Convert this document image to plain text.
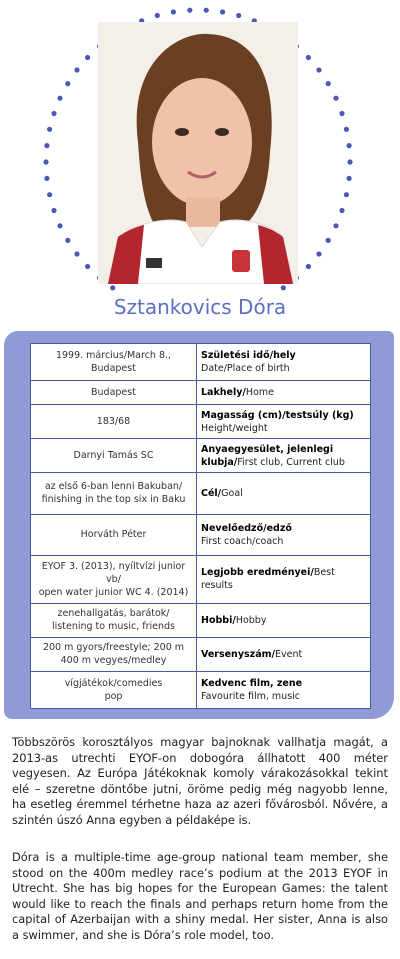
Sztankovics Dóra
1999. március/March 8.,
Budapest	Születési idő/hely
Date/Place of birth
Budapest	Lakhely/Home
183/68	Magasság (cm)/testsúly (kg)
Height/weight
Darnyi Tamás SC	Anyaegyesület, jelenlegi klubja/First club, Current club
az első 6-ban lenni Bakuban/
finishing in the top six in Baku	Cél/Goal
Horváth Péter	Nevelőedző/edző
First coach/coach
EYOF 3. (2013), nyíltvízi junior vb/
open water junior WC 4. (2014)	Legjobb eredményei/Best results
zenehallgatás, barátok/
listening to music, friends	Hobbi/Hobby
200 m gyors/freestyle; 200 m
400 m vegyes/medley	Versenyszám/Event
vígjátékok/comedies
pop	Kedvenc film, zene
Favourite film, music
Többszörös korosztályos magyar bajnoknak vallhatja magát, a 2013-as utrechti EYOF-on dobogóra állhatott 400 méter vegyesen. Az Európa Játékoknak komoly várakozásokkal tekint elé – szeretne döntőbe jutni, öröme pedig még nagyobb lenne, ha esetleg éremmel térhetne haza az azeri fővárosból. Nővére, a szintén úszó Anna egyben a példaképe is.
Dóra is a multiple-time age-group national team member, she stood on the 400m medley race’s podium at the 2013 EYOF in Utrecht. She has big hopes for the European Games: the talent would like to reach the finals and perhaps return home from the capital of Azerbaijan with a shiny medal. Her sister, Anna is also a swimmer, and she is Dóra’s role model, too.
